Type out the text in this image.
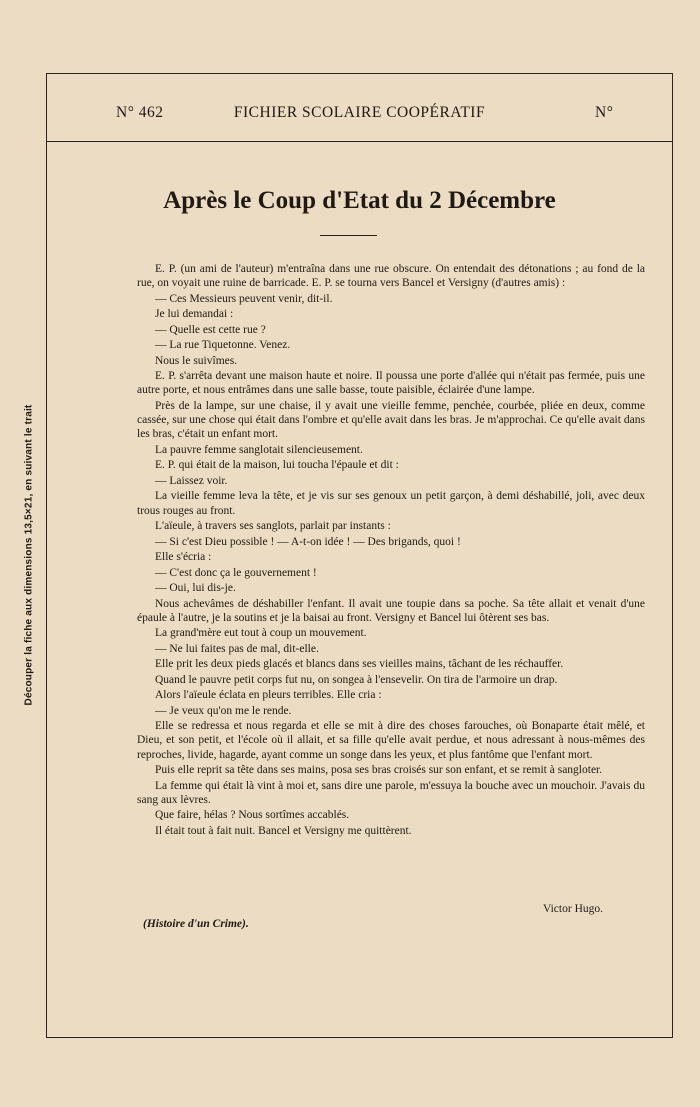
Découper la fiche aux dimensions 13,5×21, en suivant le trait
N° 462	FICHIER SCOLAIRE COOPÉRATIF	N°
Après le Coup d'Etat du 2 Décembre

E. P. (un ami de l'auteur) m'entraîna dans une rue obscure. On entendait des détonations ; au fond de la rue, on voyait une ruine de barricade. E. P. se tourna vers Bancel et Versigny (d'autres amis) :

— Ces Messieurs peuvent venir, dit-il.

Je lui demandai :

— Quelle est cette rue ?

— La rue Tiquetonne. Venez.

Nous le suivîmes.

E. P. s'arrêta devant une maison haute et noire. Il poussa une porte d'allée qui n'était pas fermée, puis une autre porte, et nous entrâmes dans une salle basse, toute paisible, éclairée d'une lampe.

Près de la lampe, sur une chaise, il y avait une vieille femme, penchée, courbée, pliée en deux, comme cassée, sur une chose qui était dans l'ombre et qu'elle avait dans les bras. Je m'approchai. Ce qu'elle avait dans les bras, c'était un enfant mort.

La pauvre femme sanglotait silencieusement.

E. P. qui était de la maison, lui toucha l'épaule et dit :

— Laissez voir.

La vieille femme leva la tête, et je vis sur ses genoux un petit garçon, à demi déshabillé, joli, avec deux trous rouges au front.

L'aïeule, à travers ses sanglots, parlait par instants :

— Si c'est Dieu possible ! — A-t-on idée ! — Des brigands, quoi !

Elle s'écria :

— C'est donc ça le gouvernement !

— Oui, lui dis-je.

Nous achevâmes de déshabiller l'enfant. Il avait une toupie dans sa poche. Sa tête allait et venait d'une épaule à l'autre, je la soutins et je la baisai au front. Versigny et Bancel lui ôtèrent ses bas.

La grand'mère eut tout à coup un mouvement.

— Ne lui faites pas de mal, dit-elle.

Elle prit les deux pieds glacés et blancs dans ses vieilles mains, tâchant de les réchauffer.

Quand le pauvre petit corps fut nu, on songea à l'ensevelir. On tira de l'armoire un drap.

Alors l'aïeule éclata en pleurs terribles. Elle cria :

— Je veux qu'on me le rende.

Elle se redressa et nous regarda et elle se mit à dire des choses farouches, où Bonaparte était mêlé, et Dieu, et son petit, et l'école où il allait, et sa fille qu'elle avait perdue, et nous adressant à nous-mêmes des reproches, livide, hagarde, ayant comme un songe dans les yeux, et plus fantôme que l'enfant mort.

Puis elle reprit sa tête dans ses mains, posa ses bras croisés sur son enfant, et se remit à sangloter.

La femme qui était là vint à moi et, sans dire une parole, m'essuya la bouche avec un mouchoir. J'avais du sang aux lèvres.

Que faire, hélas ? Nous sortîmes accablés.

Il était tout à fait nuit. Bancel et Versigny me quittèrent.

Victor Hugo.
(Histoire d'un Crime).
